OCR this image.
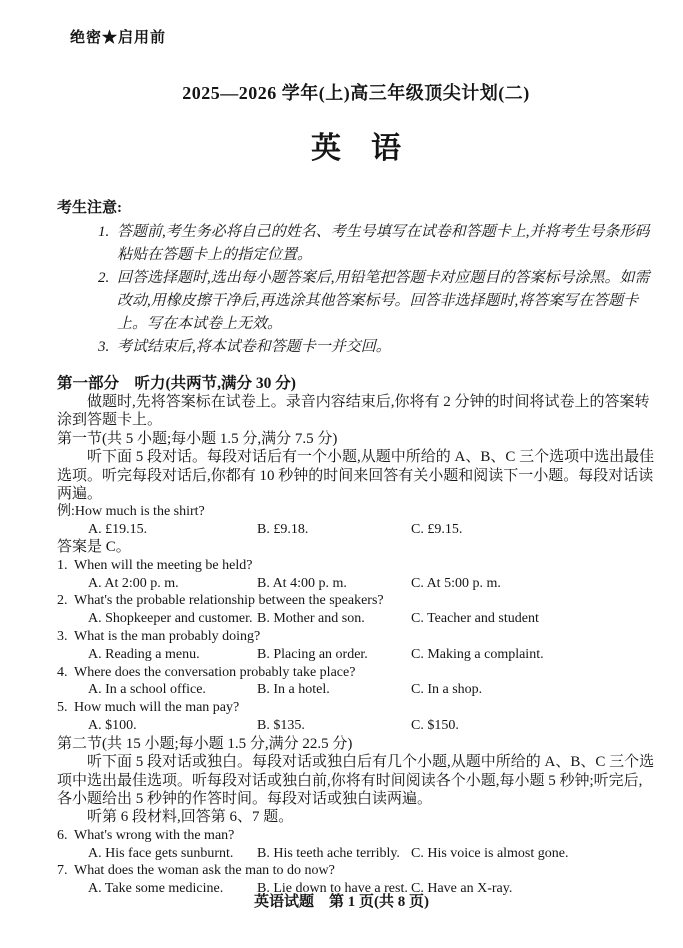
绝密★启用前
2025—2026 学年(上)高三年级顶尖计划(二)
英　语
考生注意:
1. 答题前,考生务必将自己的姓名、考生号填写在试卷和答题卡上,并将考生号条形码粘贴在答题卡上的指定位置。
2. 回答选择题时,选出每小题答案后,用铅笔把答题卡对应题目的答案标号涂黑。如需改动,用橡皮擦干净后,再选涂其他答案标号。回答非选择题时,将答案写在答题卡上。写在本试卷上无效。
3. 考试结束后,将本试卷和答题卡一并交回。
第一部分　听力(共两节,满分 30 分)

做题时,先将答案标在试卷上。录音内容结束后,你将有 2 分钟的时间将试卷上的答案转涂到答题卡上。

第一节(共 5 小题;每小题 1.5 分,满分 7.5 分)

听下面 5 段对话。每段对话后有一个小题,从题中所给的 A、B、C 三个选项中选出最佳选项。听完每段对话后,你都有 10 秒钟的时间来回答有关小题和阅读下一小题。每段对话读两遍。

例:How much is the shirt?
A. £19.15.	B. £9.18.	C. £9.15.
答案是 C。
1. When will the meeting be held?
A. At 2:00 p. m.	B. At 4:00 p. m.	C. At 5:00 p. m.
2. What's the probable relationship between the speakers?
A. Shopkeeper and customer. B. Mother and son.	C. Teacher and student
3. What is the man probably doing?
A. Reading a menu.	B. Placing an order.	C. Making a complaint.
4. Where does the conversation probably take place?
A. In a school office.	B. In a hotel.	C. In a shop.
5. How much will the man pay?
A. $100.	B. $135.	C. $150.
第二节(共 15 小题;每小题 1.5 分,满分 22.5 分)

听下面 5 段对话或独白。每段对话或独白后有几个小题,从题中所给的 A、B、C 三个选项中选出最佳选项。听每段对话或独白前,你将有时间阅读各个小题,每小题 5 秒钟;听完后,各小题给出 5 秒钟的作答时间。每段对话或独白读两遍。

听第 6 段材料,回答第 6、7 题。
6. What's wrong with the man?
A. His face gets sunburnt.	B. His teeth ache terribly. C. His voice is almost gone.
7. What does the woman ask the man to do now?
A. Take some medicine.	B. Lie down to have a rest. C. Have an X-ray.
英语试题　第 1 页(共 8 页)
